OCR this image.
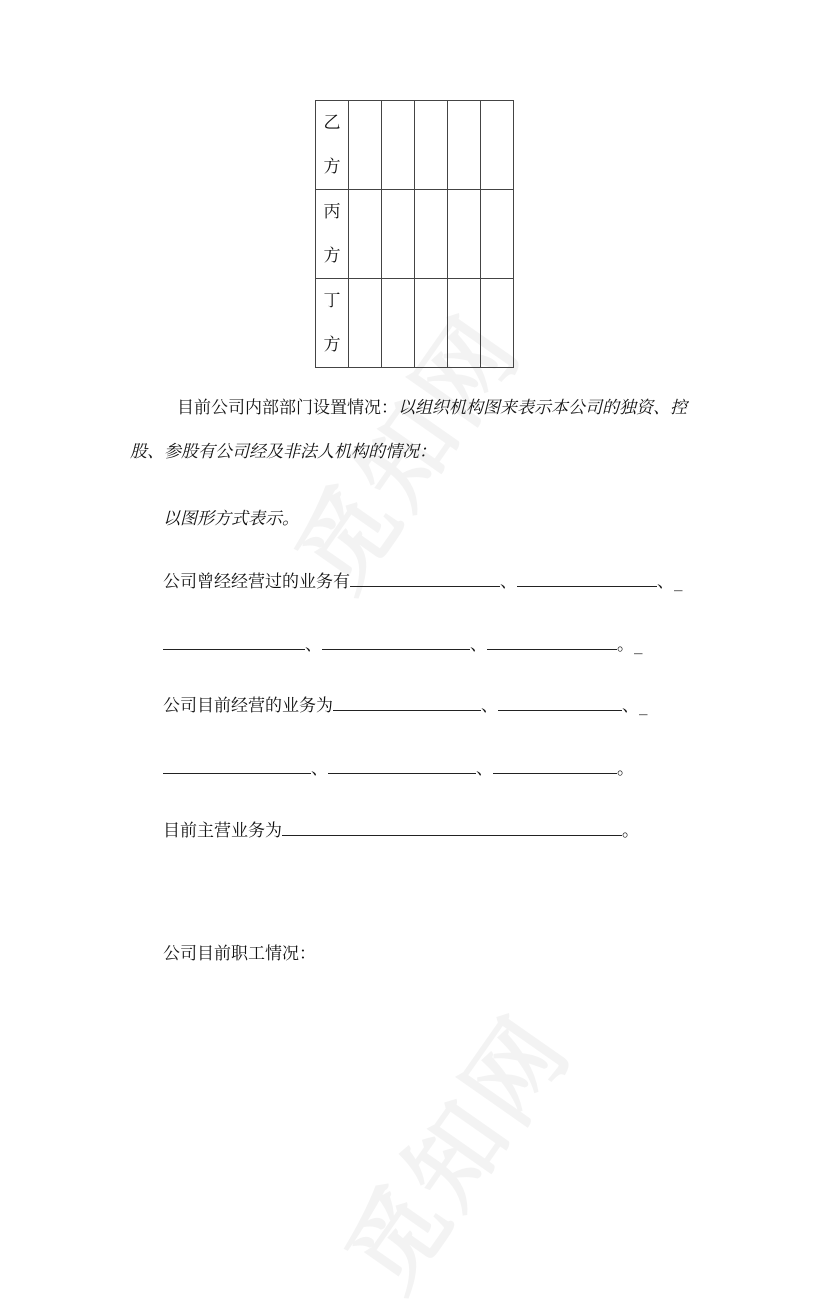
乙
方					

丙
方					

丁
方					

目前公司内部部门设置情况：以组织机构图来表示本公司的独资、控
股、参股有公司经及非法人机构的情况：
以图形方式表示。
公司曾经经营过的业务有	、	、_
、	、	。_
公司目前经营的业务为	、	、_
、	、	。
目前主营业务为	。
公司目前职工情况：
